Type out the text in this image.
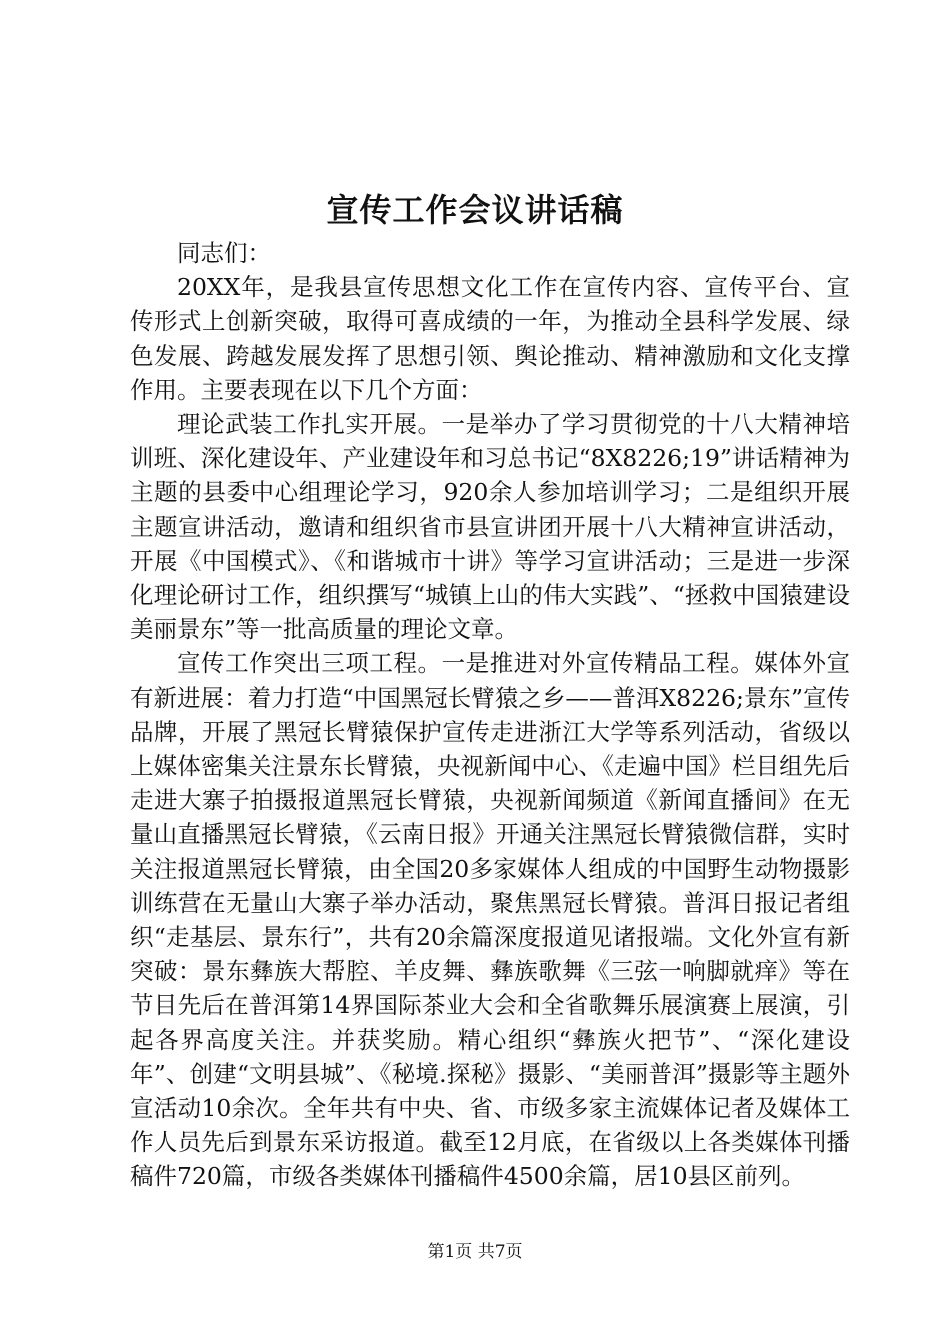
宣传工作会议讲话稿

同志们：

20XX年，是我县宣传思想文化工作在宣传内容、宣传平台、宣传形式上创新突破，取得可喜成绩的一年，为推动全县科学发展、绿色发展、跨越发展发挥了思想引领、舆论推动、精神激励和文化支撑作用。主要表现在以下几个方面：

理论武装工作扎实开展。一是举办了学习贯彻党的十八大精神培训班、深化建设年、产业建设年和习总书记“8X8226;19”讲话精神为主题的县委中心组理论学习，920余人参加培训学习；二是组织开展主题宣讲活动，邀请和组织省市县宣讲团开展十八大精神宣讲活动，开展《中国模式》、《和谐城市十讲》等学习宣讲活动；三是进一步深化理论研讨工作，组织撰写“城镇上山的伟大实践”、“拯救中国猿建设美丽景东”等一批高质量的理论文章。

宣传工作突出三项工程。一是推进对外宣传精品工程。媒体外宣有新进展：着力打造“中国黑冠长臂猿之乡——普洱X8226;景东”宣传品牌，开展了黑冠长臂猿保护宣传走进浙江大学等系列活动，省级以上媒体密集关注景东长臂猿，央视新闻中心、《走遍中国》栏目组先后走进大寨子拍摄报道黑冠长臂猿，央视新闻频道《新闻直播间》在无量山直播黑冠长臂猿，《云南日报》开通关注黑冠长臂猿微信群，实时关注报道黑冠长臂猿，由全国20多家媒体人组成的中国野生动物摄影训练营在无量山大寨子举办活动，聚焦黑冠长臂猿。普洱日报记者组织“走基层、景东行”，共有20余篇深度报道见诸报端。文化外宣有新突破：景东彝族大帮腔、羊皮舞、彝族歌舞《三弦一响脚就痒》等在节目先后在普洱第14界国际茶业大会和全省歌舞乐展演赛上展演，引起各界高度关注。并获奖励。精心组织“彝族火把节”、“深化建设年”、创建“文明县城”、《秘境.探秘》摄影、“美丽普洱”摄影等主题外宣活动10余次。全年共有中央、省、市级多家主流媒体记者及媒体工作人员先后到景东采访报道。截至12月底，在省级以上各类媒体刊播稿件720篇，市级各类媒体刊播稿件4500余篇，居10县区前列。

第1页 共7页
